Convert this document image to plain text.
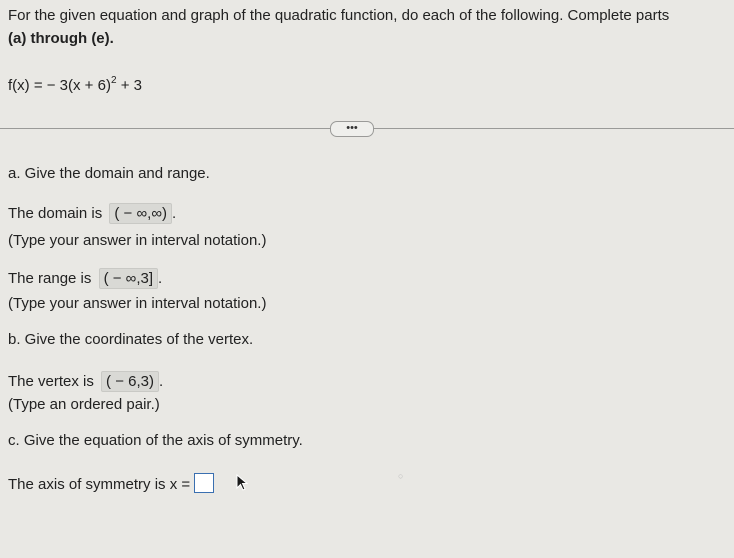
For the given equation and graph of the quadratic function, do each of the following. Complete parts
(a) through (e).
f(x) = − $3(x + 6)^2 + 3$
•••
a. Give the domain and range.
The domain is ( − ∞,∞) .
(Type your answer in interval notation.)
The range is ( − ∞,3] .
(Type your answer in interval notation.)
b. Give the coordinates of the vertex.
The vertex is ( − 6,3) .
(Type an ordered pair.)
c. Give the equation of the axis of symmetry.
The axis of symmetry is x =	○
